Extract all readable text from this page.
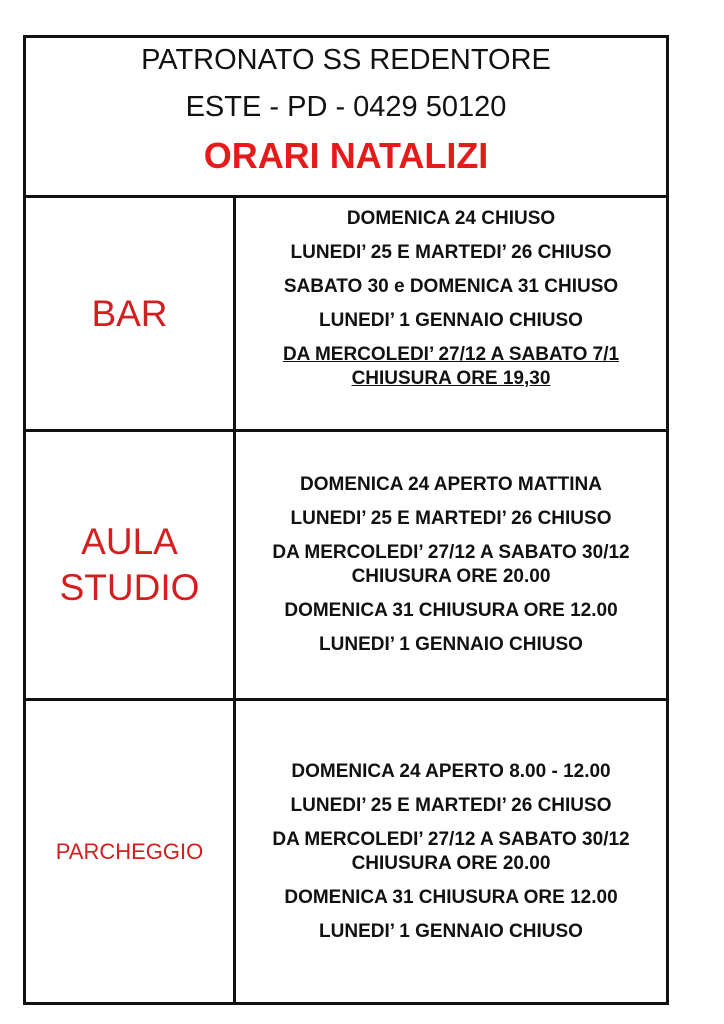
PATRONATO SS REDENTORE
ESTE - PD - 0429 50120
ORARI NATALIZI
BAR
DOMENICA 24 CHIUSO
LUNEDI’ 25 E MARTEDI’ 26 CHIUSO
SABATO 30 e DOMENICA 31 CHIUSO
LUNEDI’ 1 GENNAIO CHIUSO
DA MERCOLEDI’ 27/12 A SABATO 7/1
CHIUSURA ORE 19,30
AULA
STUDIO
DOMENICA 24 APERTO MATTINA
LUNEDI’ 25 E MARTEDI’ 26 CHIUSO
DA MERCOLEDI’ 27/12 A SABATO 30/12
CHIUSURA ORE 20.00
DOMENICA 31 CHIUSURA ORE 12.00
LUNEDI’ 1 GENNAIO CHIUSO
PARCHEGGIO
DOMENICA 24 APERTO 8.00 - 12.00
LUNEDI’ 25 E MARTEDI’ 26 CHIUSO
DA MERCOLEDI’ 27/12 A SABATO 30/12
CHIUSURA ORE 20.00
DOMENICA 31 CHIUSURA ORE 12.00
LUNEDI’ 1 GENNAIO CHIUSO
